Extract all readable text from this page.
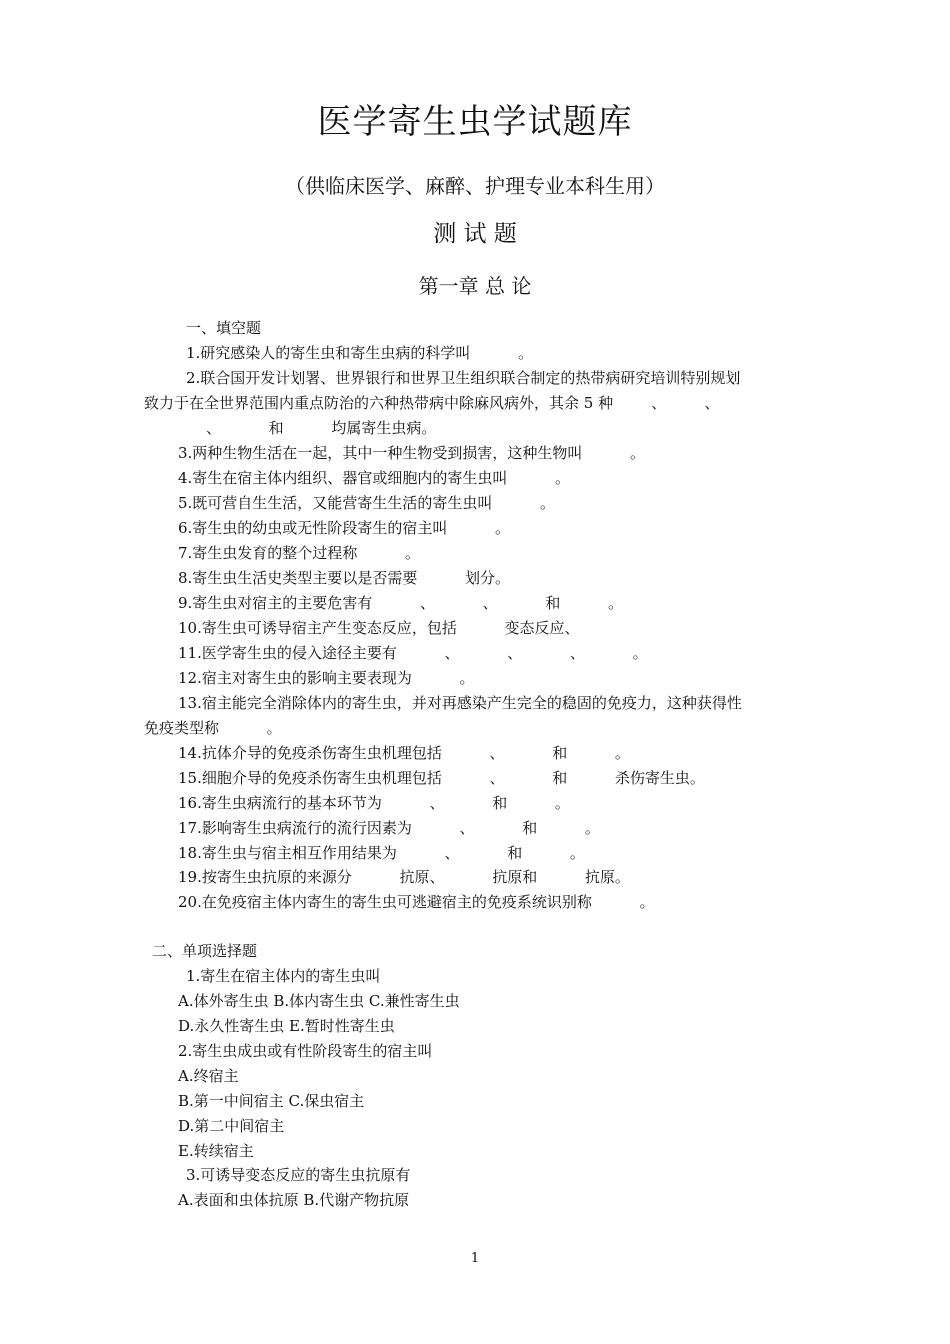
医学寄生虫学试题库
（供临床医学、麻醉、护理专业本科生用）
测 试 题
第一章 总 论
一、填空题
1.研究感染人的寄生虫和寄生虫病的科学叫          。
2.联合国开发计划署、世界银行和世界卫生组织联合制定的热带病研究培训特别规划
致力于在全世界范围内重点防治的六种热带病中除麻风病外，其余 5 种        、        、
、          和          均属寄生虫病。
3.两种生物生活在一起，其中一种生物受到损害，这种生物叫          。
4.寄生在宿主体内组织、器官或细胞内的寄生虫叫          。
5.既可营自生生活，又能营寄生生活的寄生虫叫          。
6.寄生虫的幼虫或无性阶段寄生的宿主叫          。
7.寄生虫发育的整个过程称          。
8.寄生虫生活史类型主要以是否需要          划分。
9.寄生虫对宿主的主要危害有          、          、          和          。
10.寄生虫可诱导宿主产生变态反应，包括          变态反应、
11.医学寄生虫的侵入途径主要有          、          、          、          。
12.宿主对寄生虫的影响主要表现为          。
13.宿主能完全消除体内的寄生虫，并对再感染产生完全的稳固的免疫力，这种获得性
免疫类型称          。
14.抗体介导的免疫杀伤寄生虫机理包括          、          和          。
15.细胞介导的免疫杀伤寄生虫机理包括          、          和          杀伤寄生虫。
16.寄生虫病流行的基本环节为          、          和          。
17.影响寄生虫病流行的流行因素为          、          和          。
18.寄生虫与宿主相互作用结果为          、          和          。
19.按寄生虫抗原的来源分          抗原、          抗原和          抗原。
20.在免疫宿主体内寄生的寄生虫可逃避宿主的免疫系统识别称          。
二、单项选择题
1.寄生在宿主体内的寄生虫叫
A.体外寄生虫 B.体内寄生虫 C.兼性寄生虫
D.永久性寄生虫 E.暂时性寄生虫
2.寄生虫成虫或有性阶段寄生的宿主叫
A.终宿主
B.第一中间宿主 C.保虫宿主
D.第二中间宿主
E.转续宿主
3.可诱导变态反应的寄生虫抗原有
A.表面和虫体抗原 B.代谢产物抗原
1
